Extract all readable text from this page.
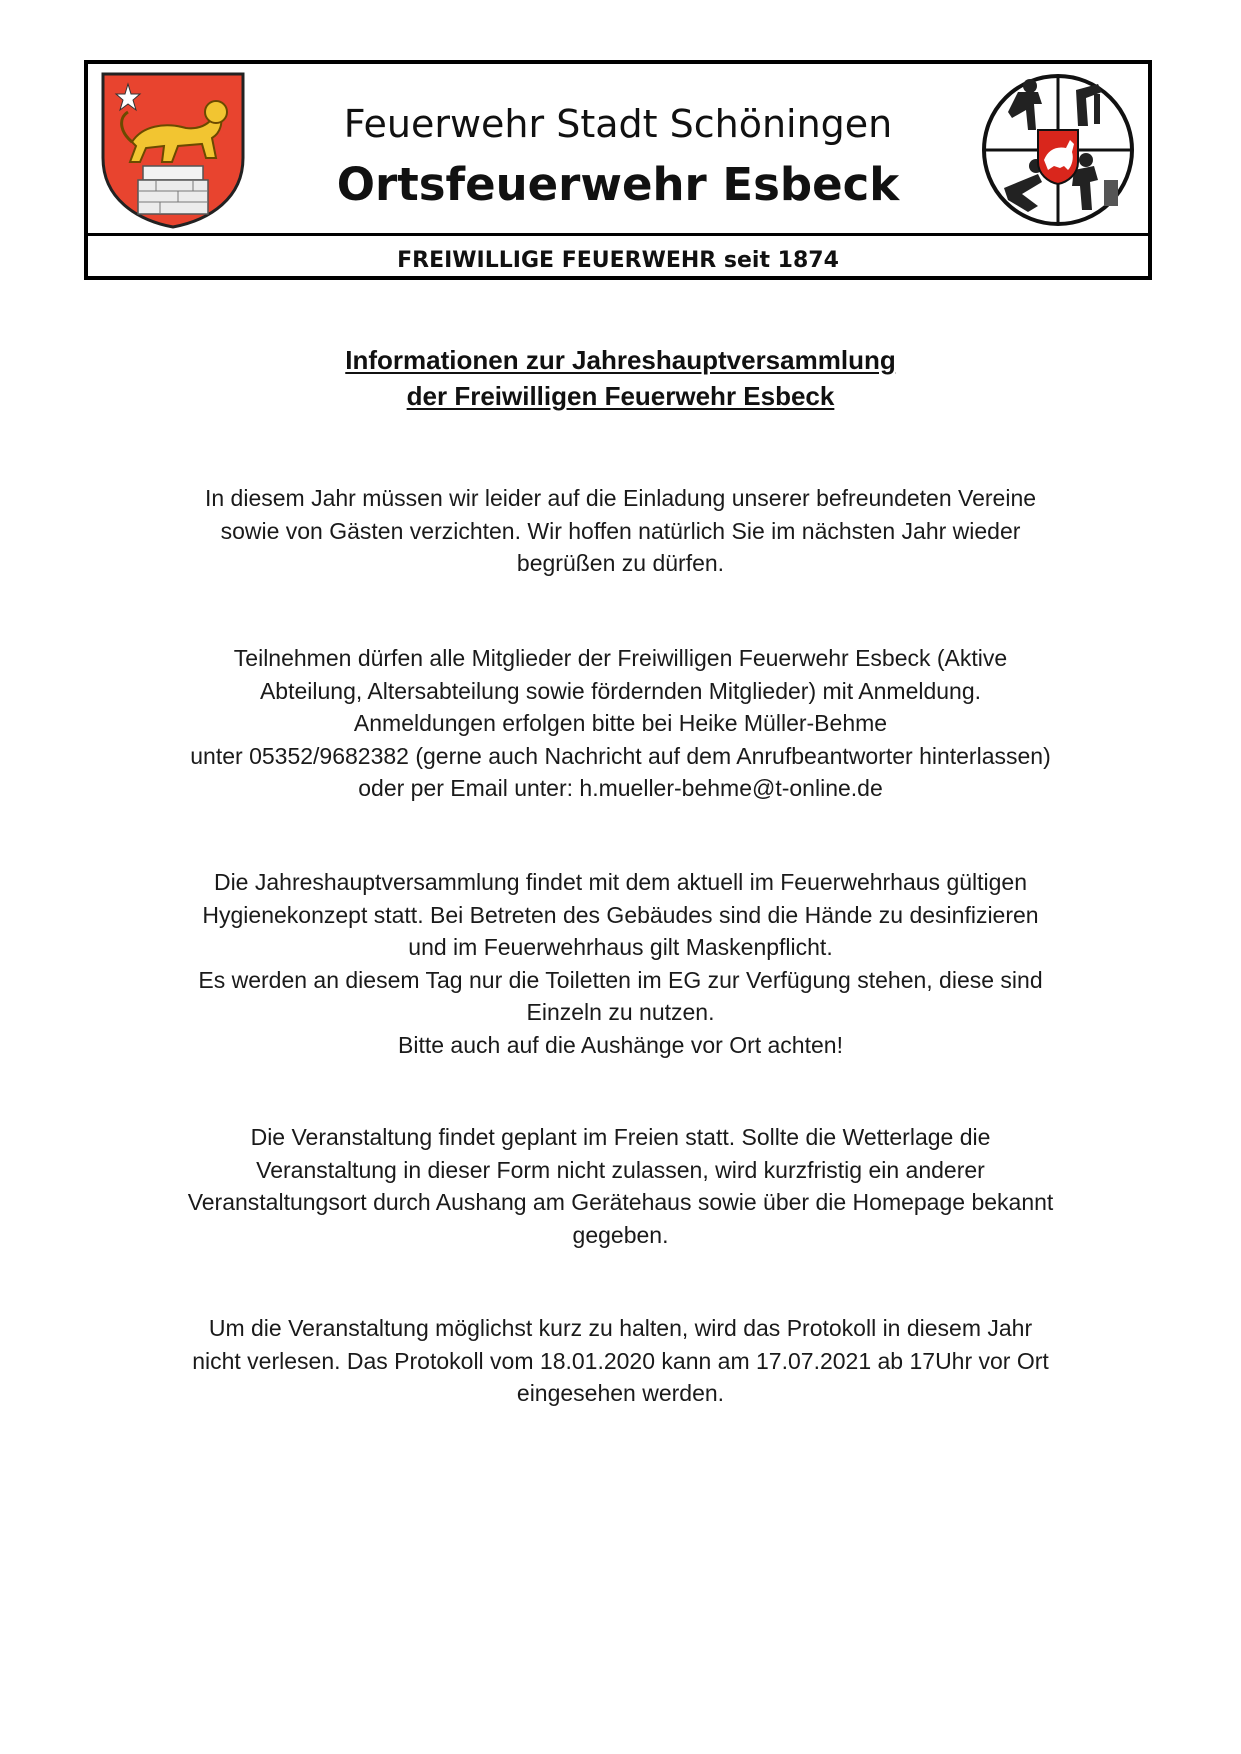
Feuerwehr Stadt Schöningen
Ortsfeuerwehr Esbeck
FREIWILLIGE FEUERWEHR seit 1874
Informationen zur Jahreshauptversammlung
der Freiwilligen Feuerwehr Esbeck
In diesem Jahr müssen wir leider auf die Einladung unserer befreundeten Vereine
sowie von Gästen verzichten. Wir hoffen natürlich Sie im nächsten Jahr wieder
begrüßen zu dürfen.
Teilnehmen dürfen alle Mitglieder der Freiwilligen Feuerwehr Esbeck (Aktive
Abteilung, Altersabteilung sowie fördernden Mitglieder) mit Anmeldung.
Anmeldungen erfolgen bitte bei Heike Müller-Behme
unter 05352/9682382 (gerne auch Nachricht auf dem Anrufbeantworter hinterlassen)
oder per Email unter: h.mueller-behme@t-online.de
Die Jahreshauptversammlung findet mit dem aktuell im Feuerwehrhaus gültigen
Hygienekonzept statt. Bei Betreten des Gebäudes sind die Hände zu desinfizieren
und im Feuerwehrhaus gilt Maskenpflicht.
Es werden an diesem Tag nur die Toiletten im EG zur Verfügung stehen, diese sind
Einzeln zu nutzen.
Bitte auch auf die Aushänge vor Ort achten!
Die Veranstaltung findet geplant im Freien statt. Sollte die Wetterlage die
Veranstaltung in dieser Form nicht zulassen, wird kurzfristig ein anderer
Veranstaltungsort durch Aushang am Gerätehaus sowie über die Homepage bekannt
gegeben.
Um die Veranstaltung möglichst kurz zu halten, wird das Protokoll in diesem Jahr
nicht verlesen. Das Protokoll vom 18.01.2020 kann am 17.07.2021 ab 17Uhr vor Ort
eingesehen werden.
